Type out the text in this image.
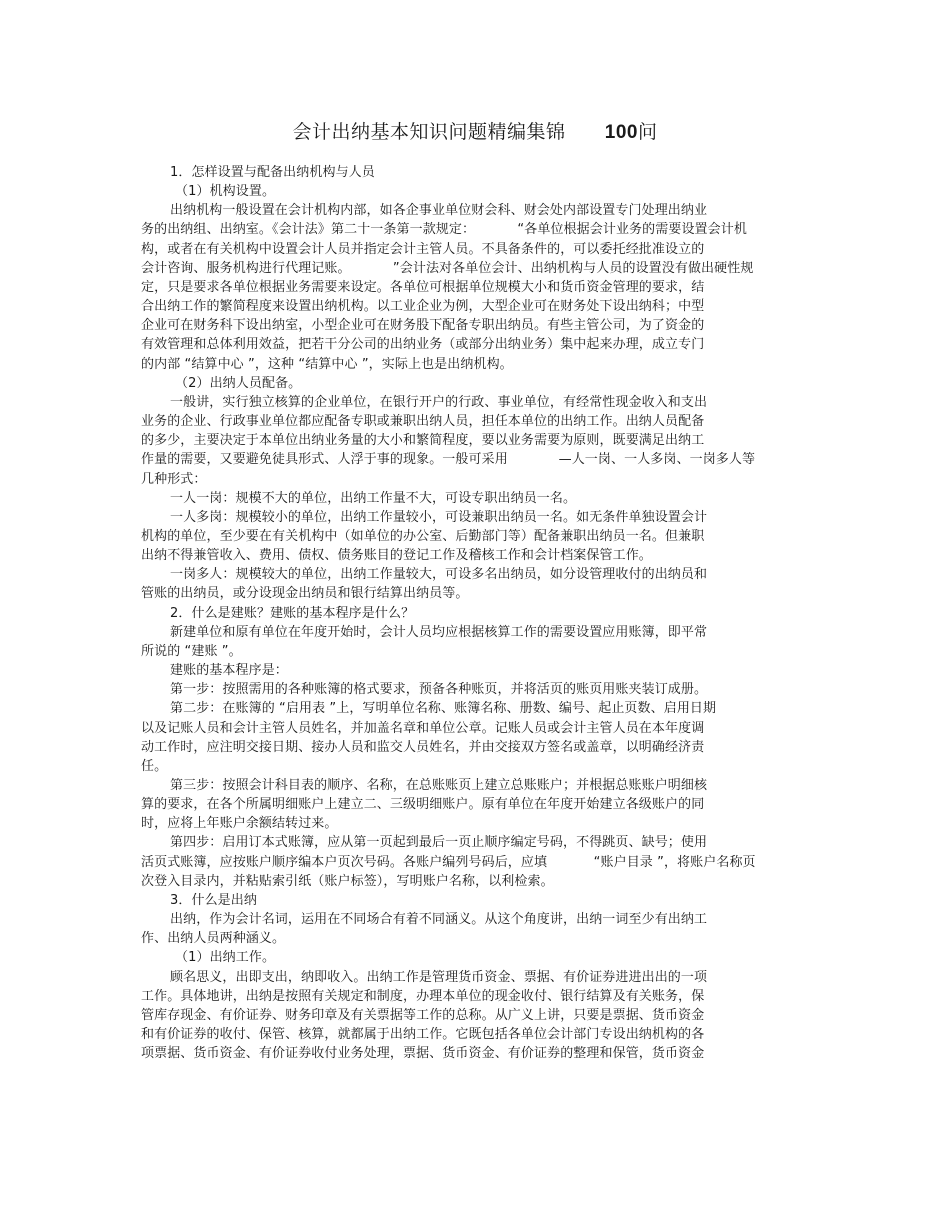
会计出纳基本知识问题精编集锦 100问

1．怎样设置与配备出纳机构与人员

（1）机构设置。

出纳机构一般设置在会计机构内部，如各企事业单位财会科、财会处内部设置专门处理出纳业

务的出纳组、出纳室。《会计法》第二十一条第一款规定：          “各单位根据会计业务的需要设置会计机

构，或者在有关机构中设置会计人员并指定会计主管人员。不具备条件的，可以委托经批准设立的

会计咨询、服务机构进行代理记账。          ”会计法对各单位会计、出纳机构与人员的设置没有做出硬性规

定，只是要求各单位根据业务需要来设定。各单位可根据单位规模大小和货币资金管理的要求，结

合出纳工作的繁简程度来设置出纳机构。以工业企业为例，大型企业可在财务处下设出纳科；中型

企业可在财务科下设出纳室，小型企业可在财务股下配备专职出纳员。有些主管公司，为了资金的

有效管理和总体利用效益，把若干分公司的出纳业务（或部分出纳业务）集中起来办理，成立专门

的内部 “结算中心 ”，这种 “结算中心 ”，实际上也是出纳机构。

（2）出纳人员配备。

一般讲，实行独立核算的企业单位，在银行开户的行政、事业单位，有经常性现金收入和支出

业务的企业、行政事业单位都应配备专职或兼职出纳人员，担任本单位的出纳工作。出纳人员配备

的多少，主要决定于本单位出纳业务量的大小和繁简程度，要以业务需要为原则，既要满足出纳工

作量的需要，又要避免徒具形式、人浮于事的现象。一般可采用            —人一岗、一人多岗、一岗多人等

几种形式：

一人一岗：规模不大的单位，出纳工作量不大，可设专职出纳员一名。

一人多岗：规模较小的单位，出纳工作量较小，可设兼职出纳员一名。如无条件单独设置会计

机构的单位，至少要在有关机构中（如单位的办公室、后勤部门等）配备兼职出纳员一名。但兼职

出纳不得兼管收入、费用、债权、债务账目的登记工作及稽核工作和会计档案保管工作。

一岗多人：规模较大的单位，出纳工作量较大，可设多名出纳员，如分设管理收付的出纳员和

管账的出纳员，或分设现金出纳员和银行结算出纳员等。

2．什么是建账？建账的基本程序是什么？

新建单位和原有单位在年度开始时，会计人员均应根据核算工作的需要设置应用账簿，即平常

所说的 “建账 ”。

建账的基本程序是：

第一步：按照需用的各种账簿的格式要求，预备各种账页，并将活页的账页用账夹装订成册。

第二步：在账簿的 “启用表 ”上，写明单位名称、账簿名称、册数、编号、起止页数、启用日期

以及记账人员和会计主管人员姓名，并加盖名章和单位公章。记账人员或会计主管人员在本年度调

动工作时，应注明交接日期、接办人员和监交人员姓名，并由交接双方签名或盖章，以明确经济责

任。

第三步：按照会计科目表的顺序、名称，在总账账页上建立总账账户；并根据总账账户明细核

算的要求，在各个所属明细账户上建立二、三级明细账户。原有单位在年度开始建立各级账户的同

时，应将上年账户余额结转过来。

第四步：启用订本式账簿，应从第一页起到最后一页止顺序编定号码，不得跳页、缺号；使用

活页式账簿，应按账户顺序编本户页次号码。各账户编列号码后，应填           “账户目录 ”，将账户名称页

次登入目录内，并粘贴索引纸（账户标签），写明账户名称，以利检索。

3．什么是出纳

出纳，作为会计名词，运用在不同场合有着不同涵义。从这个角度讲，出纳一词至少有出纳工

作、出纳人员两种涵义。

（1）出纳工作。

顾名思义，出即支出，纳即收入。出纳工作是管理货币资金、票据、有价证券进进出出的一项

工作。具体地讲，出纳是按照有关规定和制度，办理本单位的现金收付、银行结算及有关账务，保

管库存现金、有价证券、财务印章及有关票据等工作的总称。从广义上讲，只要是票据、货币资金

和有价证券的收付、保管、核算，就都属于出纳工作。它既包括各单位会计部门专设出纳机构的各

项票据、货币资金、有价证券收付业务处理，票据、货币资金、有价证券的整理和保管，货币资金
